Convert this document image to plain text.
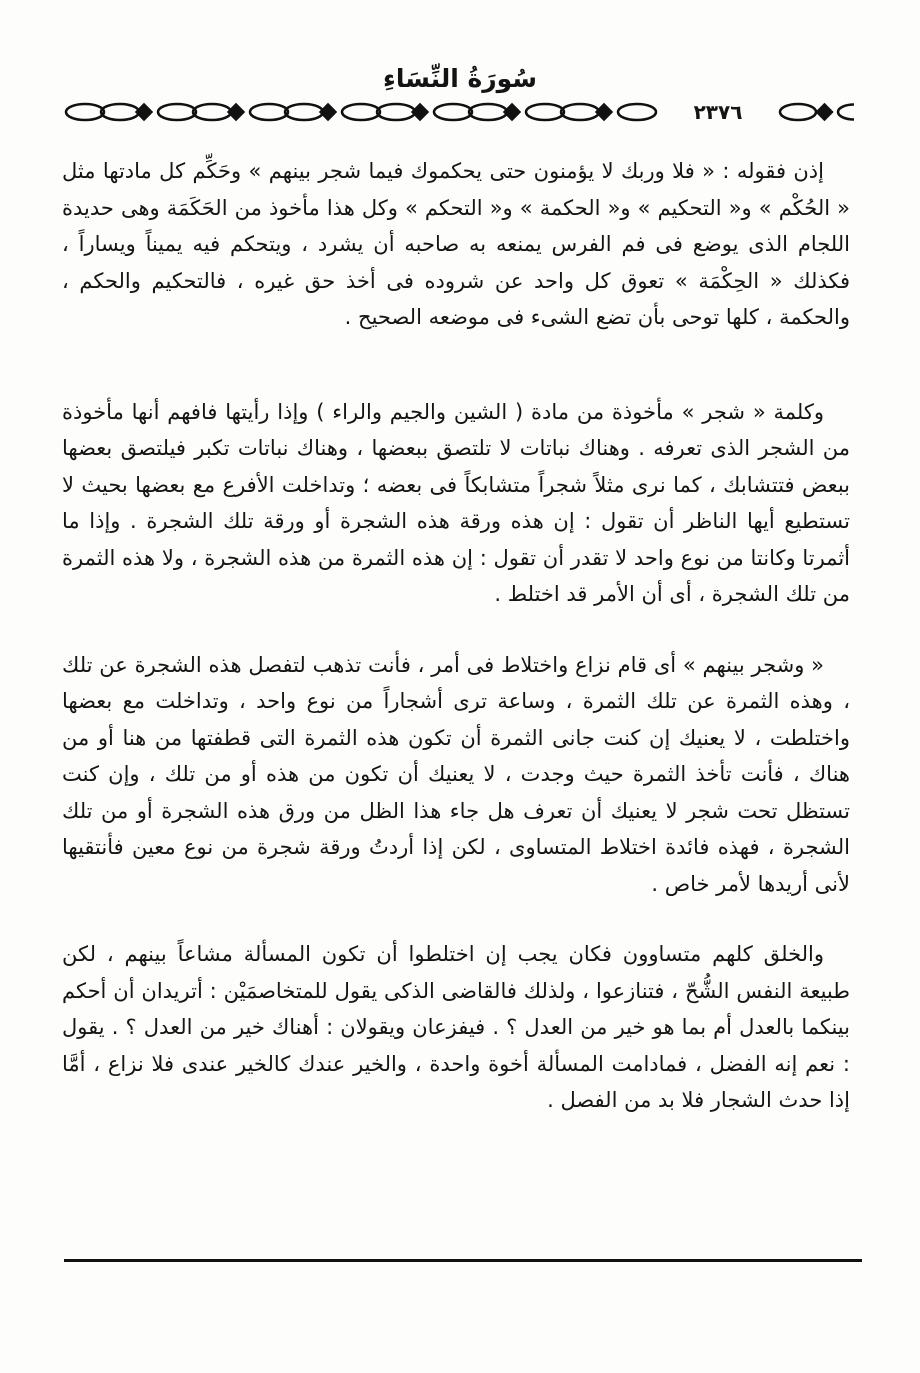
سُورَةُ النِّسَاءِ
٢٣٧٦

إذن فقوله : « فلا وربك لا يؤمنون حتى يحكموك فيما شجر بينهم » وحَكِّم كل مادتها مثل « الحُكْم » و« التحكيم » و« الحكمة » و« التحكم » وكل هذا مأخوذ من الحَكَمَة وهى حديدة اللجام الذى يوضع فى فم الفرس يمنعه به صاحبه أن يشرد ، ويتحكم فيه يميناً ويساراً ، فكذلك « الحِكْمَة » تعوق كل واحد عن شروده فى أخذ حق غيره ، فالتحكيم والحكم ، والحكمة ، كلها توحى بأن تضع الشىء فى موضعه الصحيح .

وكلمة « شجر » مأخوذة من مادة ( الشين والجيم والراء ) وإذا رأيتها فافهم أنها مأخوذة من الشجر الذى تعرفه . وهناك نباتات لا تلتصق ببعضها ، وهناك نباتات تكبر فيلتصق بعضها ببعض فتتشابك ، كما نرى مثلاً شجراً متشابكاً فى بعضه ؛ وتداخلت الأفرع مع بعضها بحيث لا تستطيع أيها الناظر أن تقول : إن هذه ورقة هذه الشجرة أو ورقة تلك الشجرة . وإذا ما أثمرتا وكانتا من نوع واحد لا تقدر أن تقول : إن هذه الثمرة من هذه الشجرة ، ولا هذه الثمرة من تلك الشجرة ، أى أن الأمر قد اختلط .

« وشجر بينهم » أى قام نزاع واختلاط فى أمر ، فأنت تذهب لتفصل هذه الشجرة عن تلك ، وهذه الثمرة عن تلك الثمرة ، وساعة ترى أشجاراً من نوع واحد ، وتداخلت مع بعضها واختلطت ، لا يعنيك إن كنت جانى الثمرة أن تكون هذه الثمرة التى قطفتها من هنا أو من هناك ، فأنت تأخذ الثمرة حيث وجدت ، لا يعنيك أن تكون من هذه أو من تلك ، وإن كنت تستظل تحت شجر لا يعنيك أن تعرف هل جاء هذا الظل من ورق هذه الشجرة أو من تلك الشجرة ، فهذه فائدة اختلاط المتساوى ، لكن إذا أردتُ ورقة شجرة من نوع معين فأنتقيها لأنى أريدها لأمر خاص .

والخلق كلهم متساوون فكان يجب إن اختلطوا أن تكون المسألة مشاعاً بينهم ، لكن طبيعة النفس الشُّحّ ، فتنازعوا ، ولذلك فالقاضى الذكى يقول للمتخاصمَيْن : أتريدان أن أحكم بينكما بالعدل أم بما هو خير من العدل ؟ . فيفزعان ويقولان : أهناك خير من العدل ؟ . يقول : نعم إنه الفضل ، فمادامت المسألة أخوة واحدة ، والخير عندك كالخير عندى فلا نزاع ، أمَّا إذا حدث الشجار فلا بد من الفصل .
